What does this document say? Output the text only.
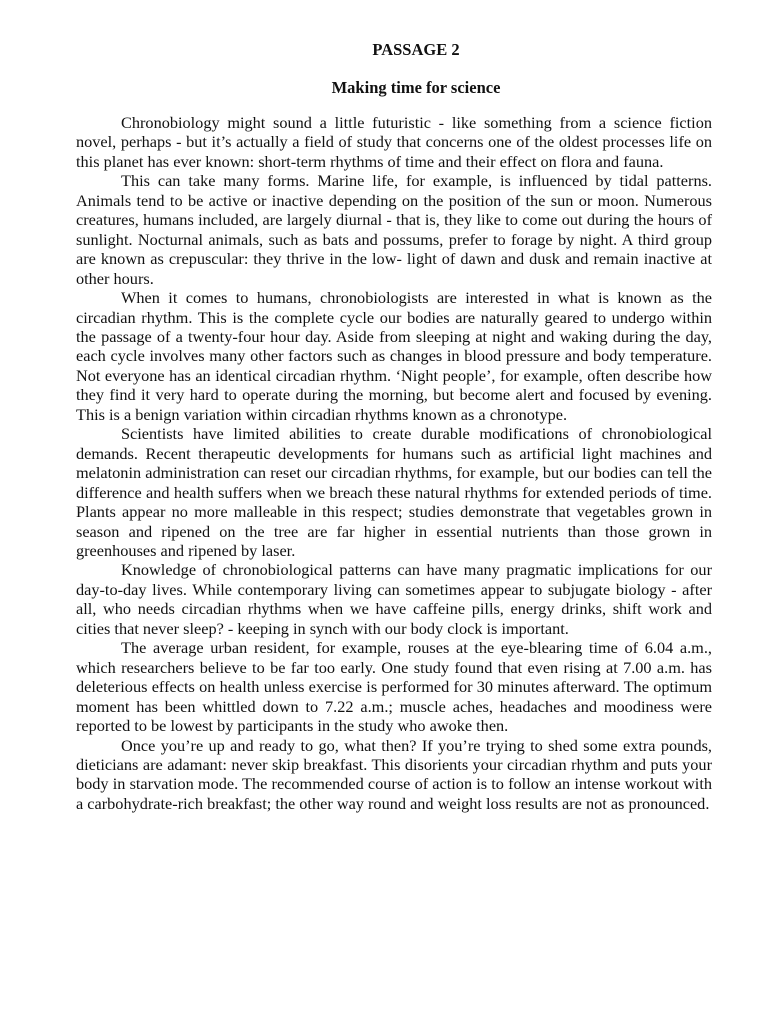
PASSAGE 2
Making time for science

Chronobiology might sound a little futuristic - like something from a science fiction novel, perhaps - but it’s actually a field of study that concerns one of the oldest processes life on this planet has ever known: short-term rhythms of time and their effect on flora and fauna.

This can take many forms. Marine life, for example, is influenced by tidal patterns. Animals tend to be active or inactive depending on the position of the sun or moon. Numerous creatures, humans included, are largely diurnal - that is, they like to come out during the hours of sunlight. Nocturnal animals, such as bats and possums, prefer to forage by night. A third group are known as crepuscular: they thrive in the low- light of dawn and dusk and remain inactive at other hours.

When it comes to humans, chronobiologists are interested in what is known as the circadian rhythm. This is the complete cycle our bodies are naturally geared to undergo within the passage of a twenty-four hour day. Aside from sleeping at night and waking during the day, each cycle involves many other factors such as changes in blood pressure and body temperature. Not everyone has an identical circadian rhythm. ‘Night people’, for example, often describe how they find it very hard to operate during the morning, but become alert and focused by evening. This is a benign variation within circadian rhythms known as a chronotype.

Scientists have limited abilities to create durable modifications of chronobiological demands. Recent therapeutic developments for humans such as artificial light machines and melatonin administration can reset our circadian rhythms, for example, but our bodies can tell the difference and health suffers when we breach these natural rhythms for extended periods of time. Plants appear no more malleable in this respect; studies demonstrate that vegetables grown in season and ripened on the tree are far higher in essential nutrients than those grown in greenhouses and ripened by laser.

Knowledge of chronobiological patterns can have many pragmatic implications for our day-to-day lives. While contemporary living can sometimes appear to subjugate biology - after all, who needs circadian rhythms when we have caffeine pills, energy drinks, shift work and cities that never sleep? - keeping in synch with our body clock is important.

The average urban resident, for example, rouses at the eye-blearing time of 6.04 a.m., which researchers believe to be far too early. One study found that even rising at 7.00 a.m. has deleterious effects on health unless exercise is performed for 30 minutes afterward. The optimum moment has been whittled down to 7.22 a.m.; muscle aches, headaches and moodiness were reported to be lowest by participants in the study who awoke then.

Once you’re up and ready to go, what then? If you’re trying to shed some extra pounds, dieticians are adamant: never skip breakfast. This disorients your circadian rhythm and puts your body in starvation mode. The recommended course of action is to follow an intense workout with a carbohydrate-rich breakfast; the other way round and weight loss results are not as pronounced.
